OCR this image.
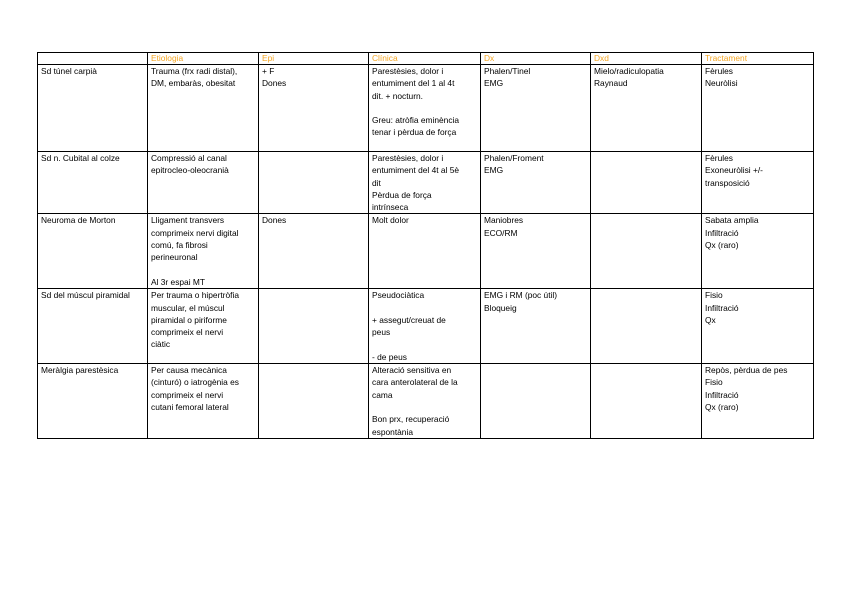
	Etiologia	Epi	Clínica	Dx	Dxd	Tractament

Sd túnel carpià	Trauma (frx radi distal),
DM, embaràs, obesitat	+ F
Dones	Parestèsies, dolor i
entumiment del 1 al 4t
dit. + nocturn.
Greu: atròfia eminència
tenar i pèrdua de força	Phalen/Tinel
EMG	Mielo/radiculopatia
Raynaud	Fèrules
Neuròlisi

Sd n. Cubital al colze	Compressió al canal
epitrocleo-oleocranià		Parestèsies, dolor i
entumiment del 4t al 5è
dit
Pèrdua de força
intrínseca	Phalen/Froment
EMG		Fèrules
Exoneuròlisi +/-
transposició

Neuroma de Morton	Lligament transvers
comprimeix nervi digital
comú, fa fibrosi
perineuronal
Al 3r espai MT	Dones	Molt dolor	Maniobres
ECO/RM		Sabata amplia
Infiltració
Qx (raro)

Sd del múscul piramidal	Per trauma o hipertròfia
muscular, el múscul
piramidal o piriforme
comprimeix el nervi
ciàtic		Pseudociàtica
+ assegut/creuat de
peus
- de peus	EMG i RM (poc útil)
Bloqueig		Fisio
Infiltració
Qx

Meràlgia parestèsica	Per causa mecànica
(cinturó) o iatrogènia es
comprimeix el nervi
cutani femoral lateral		Alteració sensitiva en
cara anterolateral de la
cama
Bon prx, recuperació
espontània			Repòs, pèrdua de pes
Fisio
Infiltració
Qx (raro)
